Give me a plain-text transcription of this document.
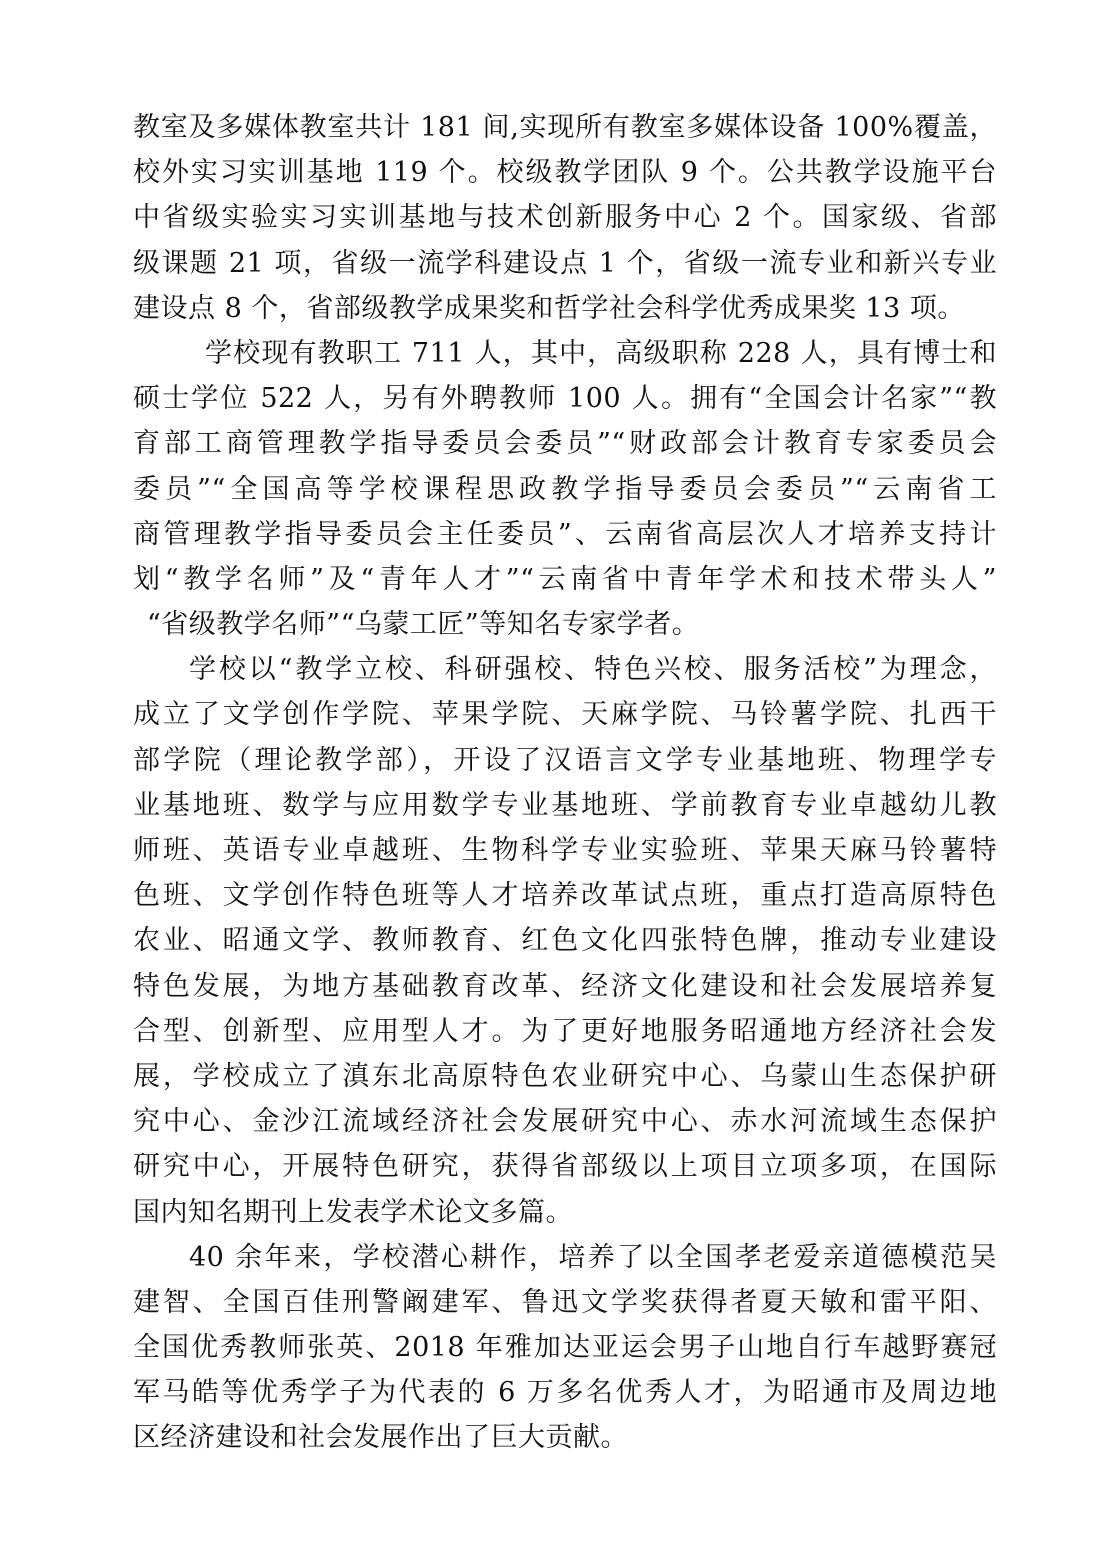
教室及多媒体教室共计 181 间,实现所有教室多媒体设备 100%覆盖，
校外实习实训基地 119 个。校级教学团队 9 个。公共教学设施平台
中省级实验实习实训基地与技术创新服务中心 2 个。国家级、省部
级课题 21 项，省级一流学科建设点 1 个，省级一流专业和新兴专业
建设点 8 个，省部级教学成果奖和哲学社会科学优秀成果奖 13 项。
学校现有教职工 711 人，其中，高级职称 228 人，具有博士和
硕士学位 522 人，另有外聘教师 100 人。拥有“全国会计名家”“教
育部工商管理教学指导委员会委员”“财政部会计教育专家委员会
委员”“全国高等学校课程思政教学指导委员会委员”“云南省工
商管理教学指导委员会主任委员”、云南省高层次人才培养支持计
划“教学名师”及“青年人才”“云南省中青年学术和技术带头人”
“省级教学名师”“乌蒙工匠”等知名专家学者。
学校以“教学立校、科研强校、特色兴校、服务活校”为理念，
成立了文学创作学院、苹果学院、天麻学院、马铃薯学院、扎西干
部学院（理论教学部），开设了汉语言文学专业基地班、物理学专
业基地班、数学与应用数学专业基地班、学前教育专业卓越幼儿教
师班、英语专业卓越班、生物科学专业实验班、苹果天麻马铃薯特
色班、文学创作特色班等人才培养改革试点班，重点打造高原特色
农业、昭通文学、教师教育、红色文化四张特色牌，推动专业建设
特色发展，为地方基础教育改革、经济文化建设和社会发展培养复
合型、创新型、应用型人才。为了更好地服务昭通地方经济社会发
展，学校成立了滇东北高原特色农业研究中心、乌蒙山生态保护研
究中心、金沙江流域经济社会发展研究中心、赤水河流域生态保护
研究中心，开展特色研究，获得省部级以上项目立项多项，在国际
国内知名期刊上发表学术论文多篇。
40 余年来，学校潜心耕作，培养了以全国孝老爱亲道德模范吴
建智、全国百佳刑警阚建军、鲁迅文学奖获得者夏天敏和雷平阳、
全国优秀教师张英、2018 年雅加达亚运会男子山地自行车越野赛冠
军马皓等优秀学子为代表的 6 万多名优秀人才，为昭通市及周边地
区经济建设和社会发展作出了巨大贡献。
